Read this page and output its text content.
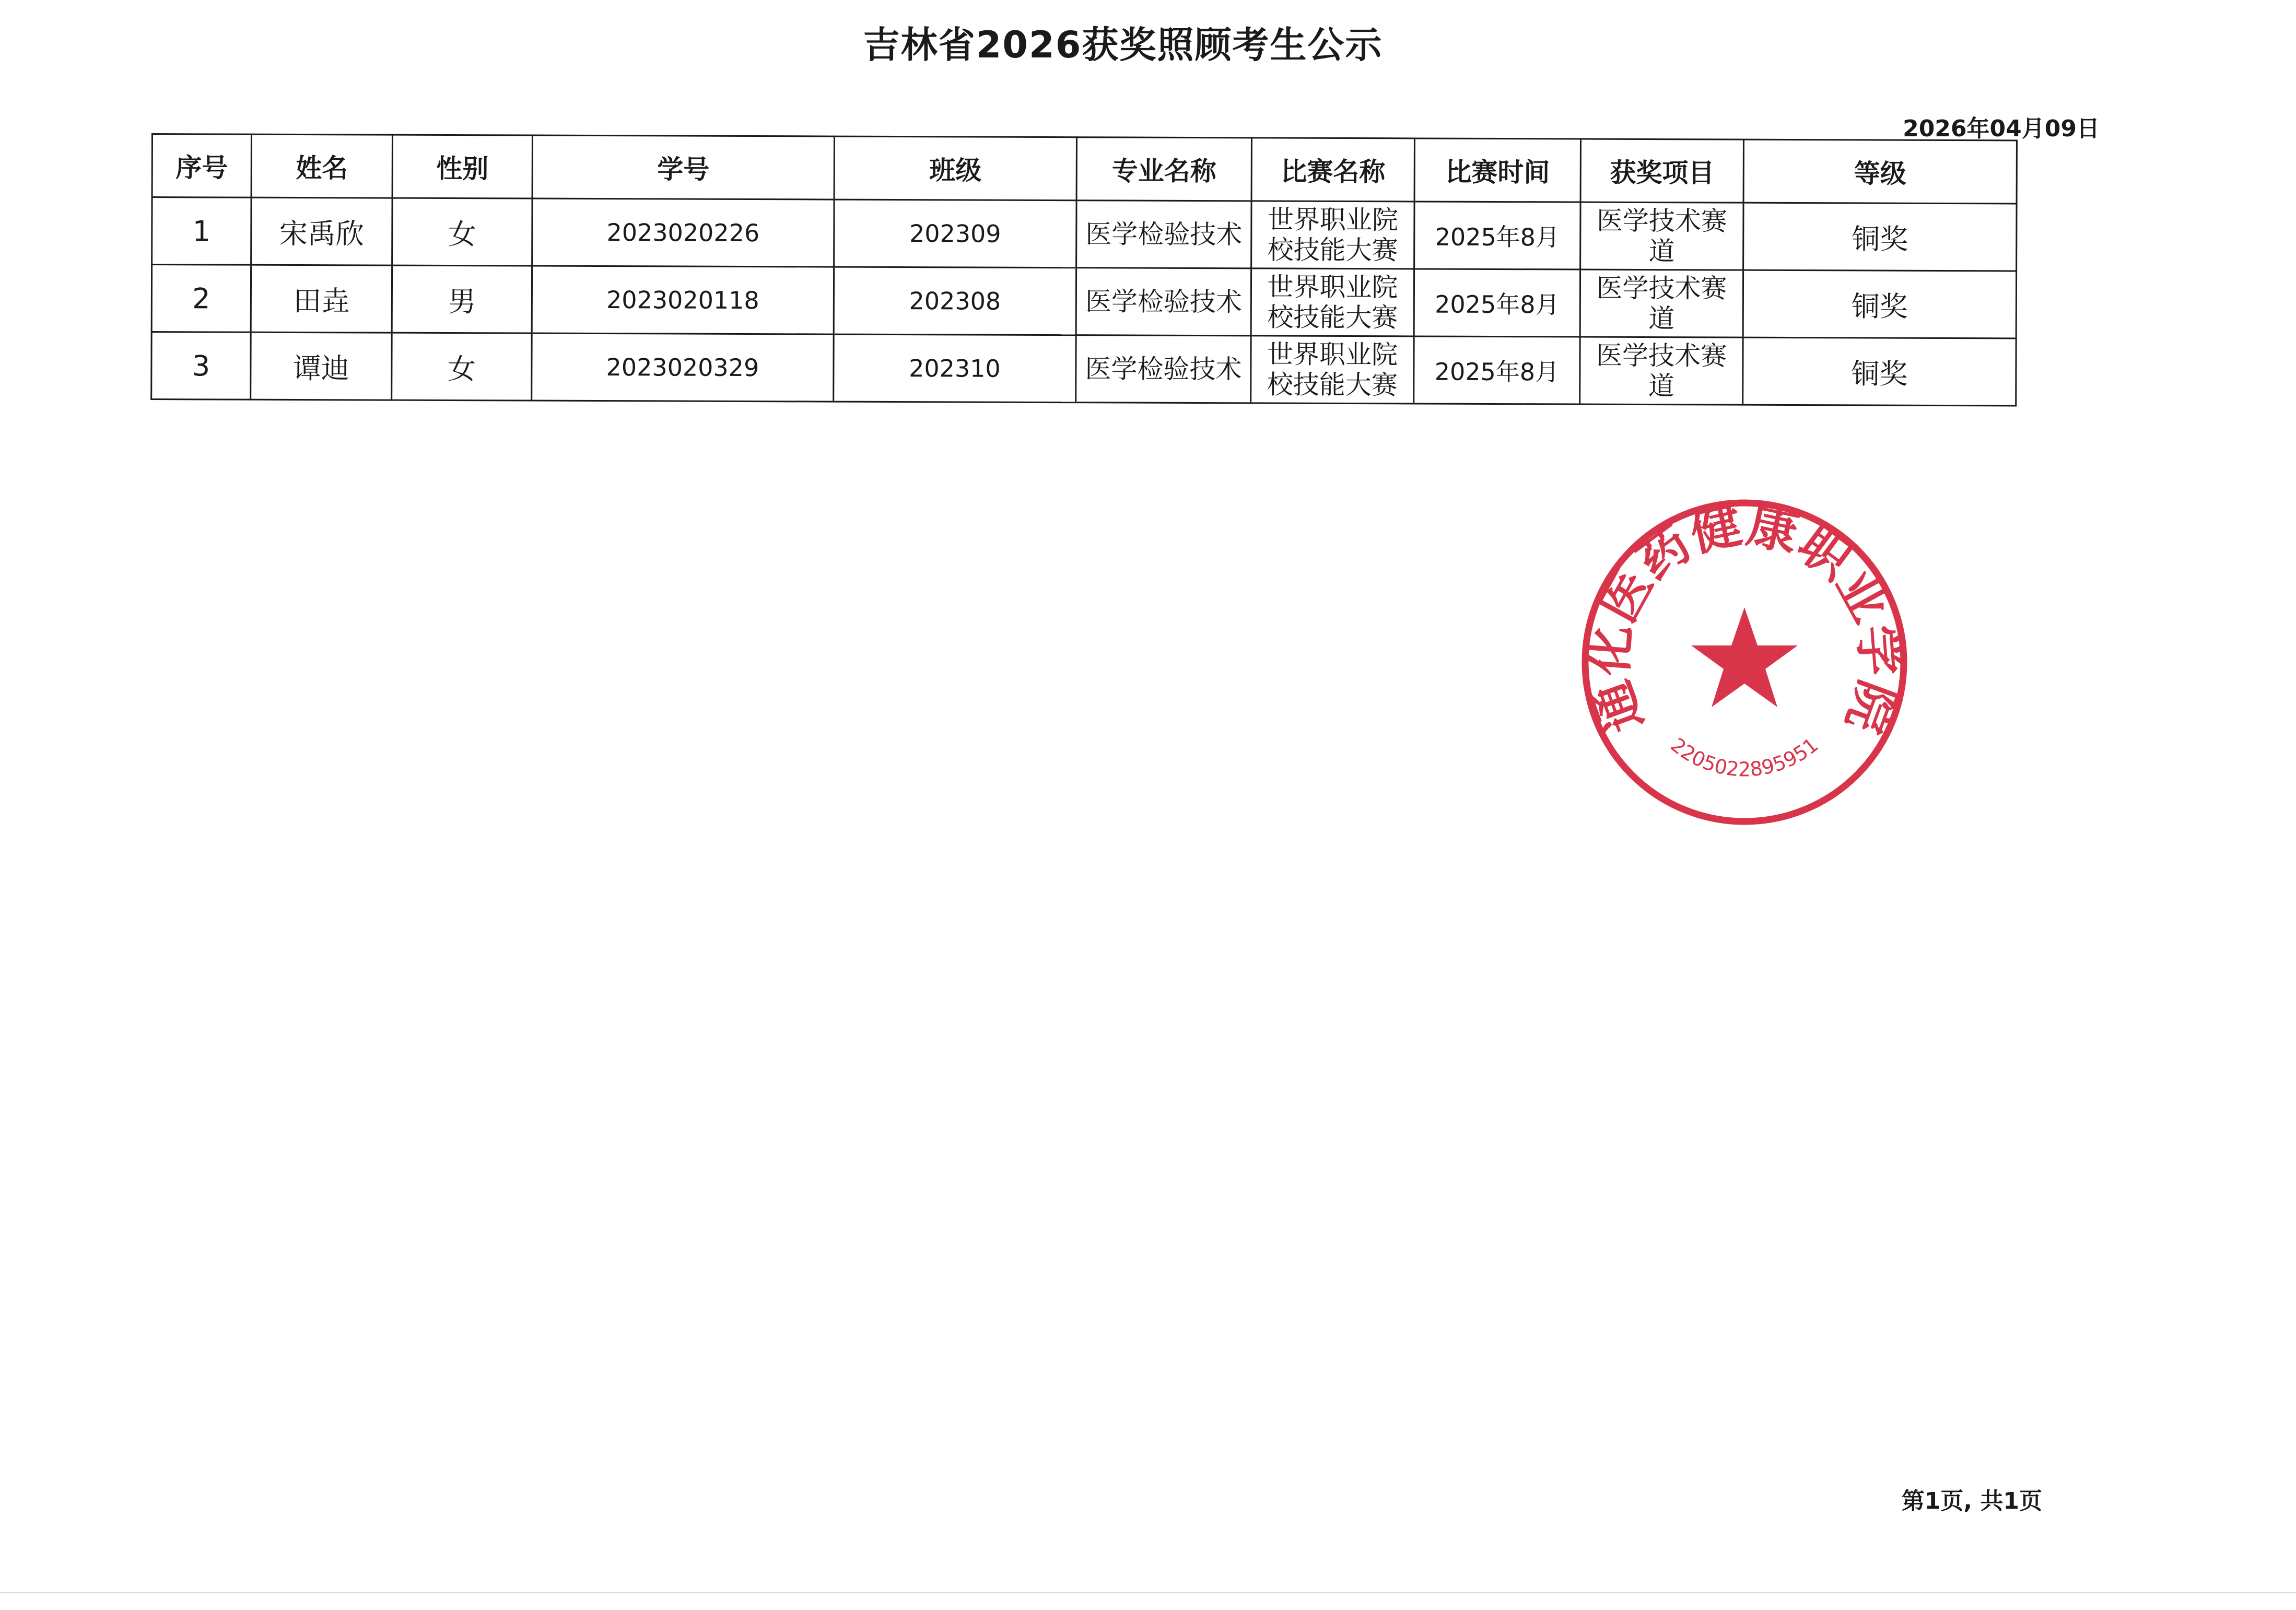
吉林省2026获奖照顾考生公示
2026年04月09日
序号	姓名	性别	学号	班级	专业名称	比赛名称	比赛时间	获奖项目	等级
1	宋禹欣	女	2023020226	202309	医学检验技术	世界职业院校技能大赛	2025年8月	医学技术赛道	铜奖
2	田垚	男	2023020118	202308	医学检验技术	世界职业院校技能大赛	2025年8月	医学技术赛道	铜奖
3	谭迪	女	2023020329	202310	医学检验技术	世界职业院校技能大赛	2025年8月	医学技术赛道	铜奖
通化医药健康职业学院
2205022895951
第1页, 共1页
